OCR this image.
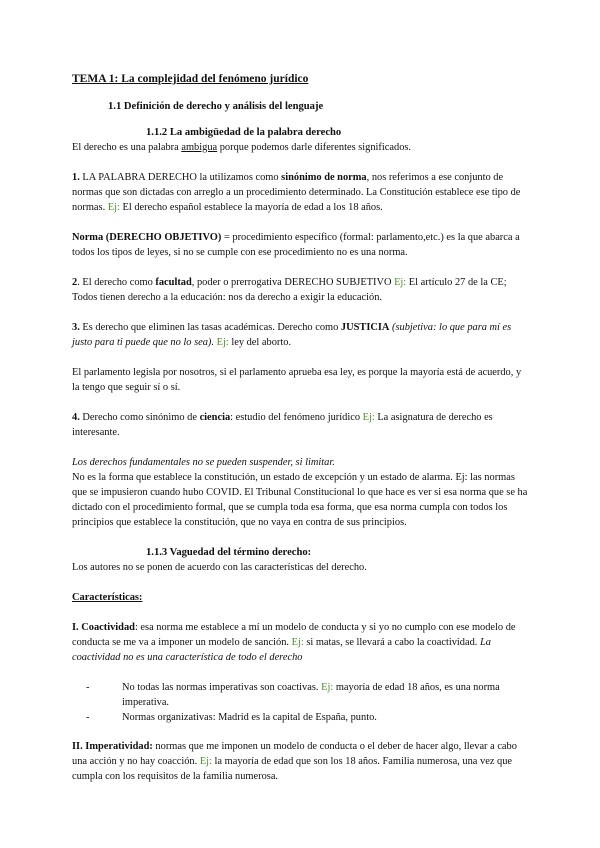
TEMA 1: La complejidad del fenómeno jurídico
1.1 Definición de derecho y análisis del lenguaje
1.1.2 La ambigüedad de la palabra derecho

El derecho es una palabra ambigua porque podemos darle diferentes significados.

1. LA PALABRA DERECHO la utilizamos como sinónimo de norma, nos referimos a ese conjunto de normas que son dictadas con arreglo a un procedimiento determinado. La Constitución establece ese tipo de normas. Ej: El derecho español establece la mayoría de edad a los 18 años.

Norma (DERECHO OBJETIVO) = procedimiento específico (formal: parlamento,etc.) es la que abarca a todos los tipos de leyes, si no se cumple con ese procedimiento no es una norma.

2. El derecho como facultad, poder o prerrogativa DERECHO SUBJETIVO Ej: El artículo 27 de la CE; Todos tienen derecho a la educación: nos da derecho a exigir la educación.

3. Es derecho que eliminen las tasas académicas. Derecho como JUSTICIA (subjetiva: lo que para mí es justo para ti puede que no lo sea). Ej: ley del aborto.

El parlamento legisla por nosotros, si el parlamento aprueba esa ley, es porque la mayoría está de acuerdo, y la tengo que seguir sí o sí.

4. Derecho como sinónimo de ciencia: estudio del fenómeno jurídico Ej: La asignatura de derecho es interesante.

Los derechos fundamentales no se pueden suspender, si limitar.
No es la forma que establece la constitución, un estado de excepción y un estado de alarma. Ej: las normas que se impusieron cuando hubo COVID. El Tribunal Constitucional lo que hace es ver si esa norma que se ha dictado con el procedimiento formal, que se cumpla toda esa forma, que esa norma cumpla con todos los principios que establece la constitución, que no vaya en contra de sus principios.

1.1.3 Vaguedad del término derecho:

Los autores no se ponen de acuerdo con las características del derecho.

Características:

I. Coactividad: esa norma me establece a mí un modelo de conducta y si yo no cumplo con ese modelo de conducta se me va a imponer un modelo de sanción. Ej: si matas, se llevará a cabo la coactividad. La coactividad no es una característica de todo el derecho

- No todas las normas imperativas son coactivas. Ej: mayoría de edad 18 años, es una norma imperativa.
- Normas organizativas: Madrid es la capital de España, punto.

II. Imperatividad: normas que me imponen un modelo de conducta o el deber de hacer algo, llevar a cabo una acción y no hay coacción. Ej: la mayoría de edad que son los 18 años. Familia numerosa, una vez que cumpla con los requisitos de la familia numerosa.
